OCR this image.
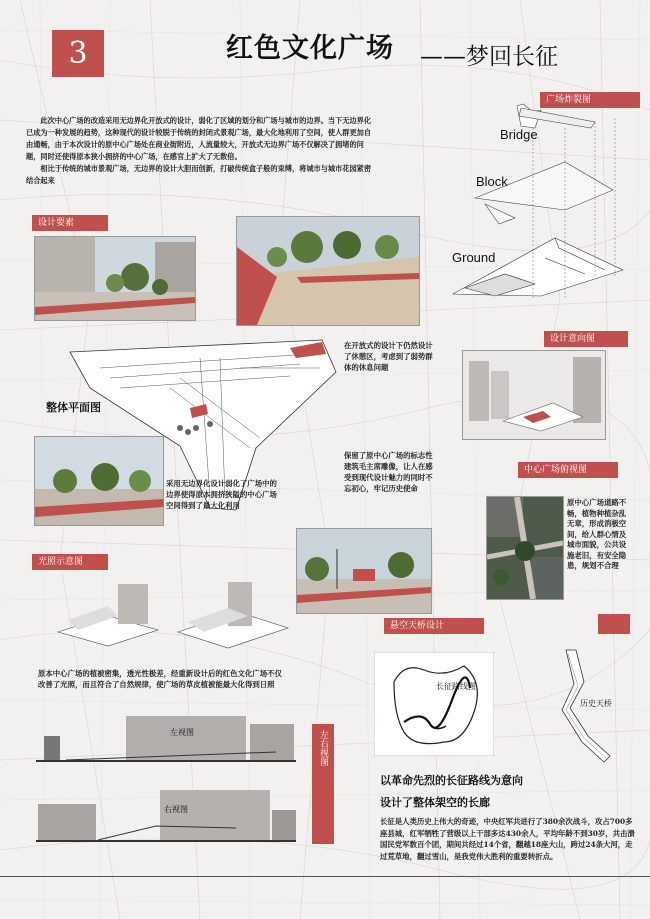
3	红色文化广场 ——梦回长征
此次中心广场的改造采用无边界化开放式的设计，弱化了区域的划分和广场与城市的边界。当下无边界化已成为一种发展的趋势，这种现代的设计较脱于传统的封闭式景观广场，最大化地利用了空间，使人群更加自由通畅，由于本次设计的原中心广场处在商业街附近，人流量较大，开放式无边界广场不仅解决了拥堵的问题，同时还使得原本狭小拥挤的中心广场，在感官上扩大了无数倍。
相比于传统的城市景观广场，无边界的设计大胆而创新，打破传统盒子般的束缚，将城市与城市花园紧密结合起来
广场炸裂图
Bridge
Block
Ground
设计要素
在开放式的设计下仍然设计了休憩区，考虑到了弱势群体的休息问题
整体平面图
采用无边界化设计弱化了广场中的边界使得原本拥挤狭隘的中心广场空间得到了最大化利用
保留了原中心广场的标志性建筑毛主席雕像，让人在感受到现代设计魅力的同时不忘初心，牢记历史使命
设计意向图
中心广场俯视图
原中心广场道路不畅，植物种植杂乱无章，形成消极空间，给人群心情及城市面貌，公共设施老旧，有安全隐患，规划不合理
光照示意图
原本中心广场的植被密集，透光性极差，经重新设计后的红色文化广场不仅改善了光照，而且符合了自然规律，使广场的草皮植被能最大化得到日照
左视图
右视图
左右视图
悬空天桥设计
长征路线图
历史天桥
以革命先烈的长征路线为意向
设计了整体架空的长廊
长征是人类历史上伟大的奇迹，中央红军共进行了380余次战斗，攻占700多座县城，红军牺牲了营级以上干部多达430余人，平均年龄不到30岁，共击溃国民党军数百个团，期间共经过14个省，翻越18座大山，跨过24条大河，走过荒草地，翻过雪山，是我党伟大胜利的重要转折点。
